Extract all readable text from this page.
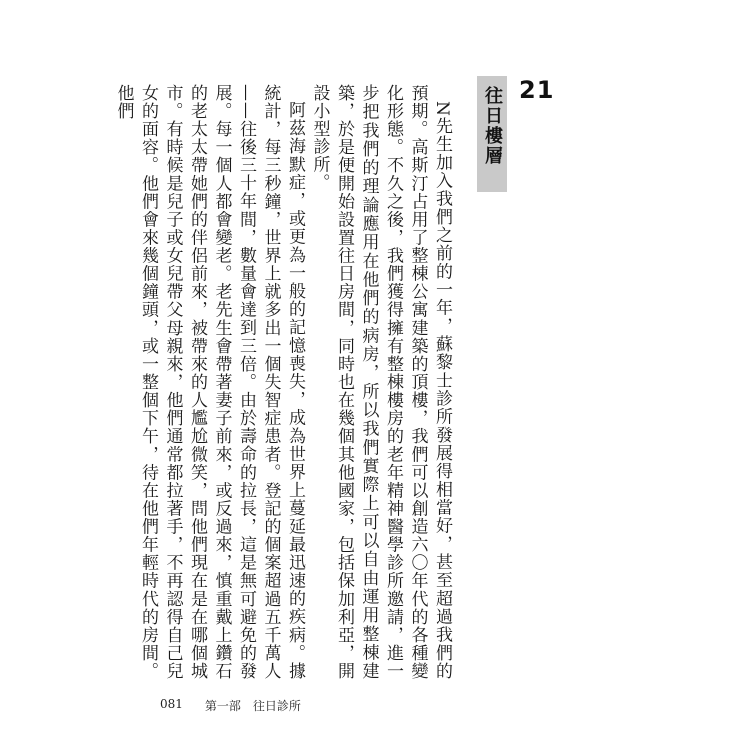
21
往日樓層

N先生加入我們之前的一年，蘇黎士診所發展得相當好，甚至超過我們的預期。高斯汀占用了整棟公寓建築的頂樓，我們可以創造六〇年代的各種變化形態。不久之後，我們獲得擁有整棟樓房的老年精神醫學診所邀請，進一步把我們的理論應用在他們的病房，所以我們實際上可以自由運用整棟建築，於是便開始設置往日房間，同時也在幾個其他國家，包括保加利亞，開設小型診所。

阿茲海默症，或更為一般的記憶喪失，成為世界上蔓延最迅速的疾病。據統計，每三秒鐘，世界上就多出一個失智症患者。登記的個案超過五千萬人——往後三十年間，數量會達到三倍。由於壽命的拉長，這是無可避免的發展。每一個人都會變老。老先生會帶著妻子前來，或反過來，慎重戴上鑽石的老太太帶她們的伴侶前來，被帶來的人尷尬微笑，問他們現在是在哪個城市。有時候是兒子或女兒帶父母親來，他們通常都拉著手，不再認得自己兒女的面容。他們會來幾個鐘頭，或一整個下午，待在他們年輕時代的房間。他們

081 第一部 往日診所
